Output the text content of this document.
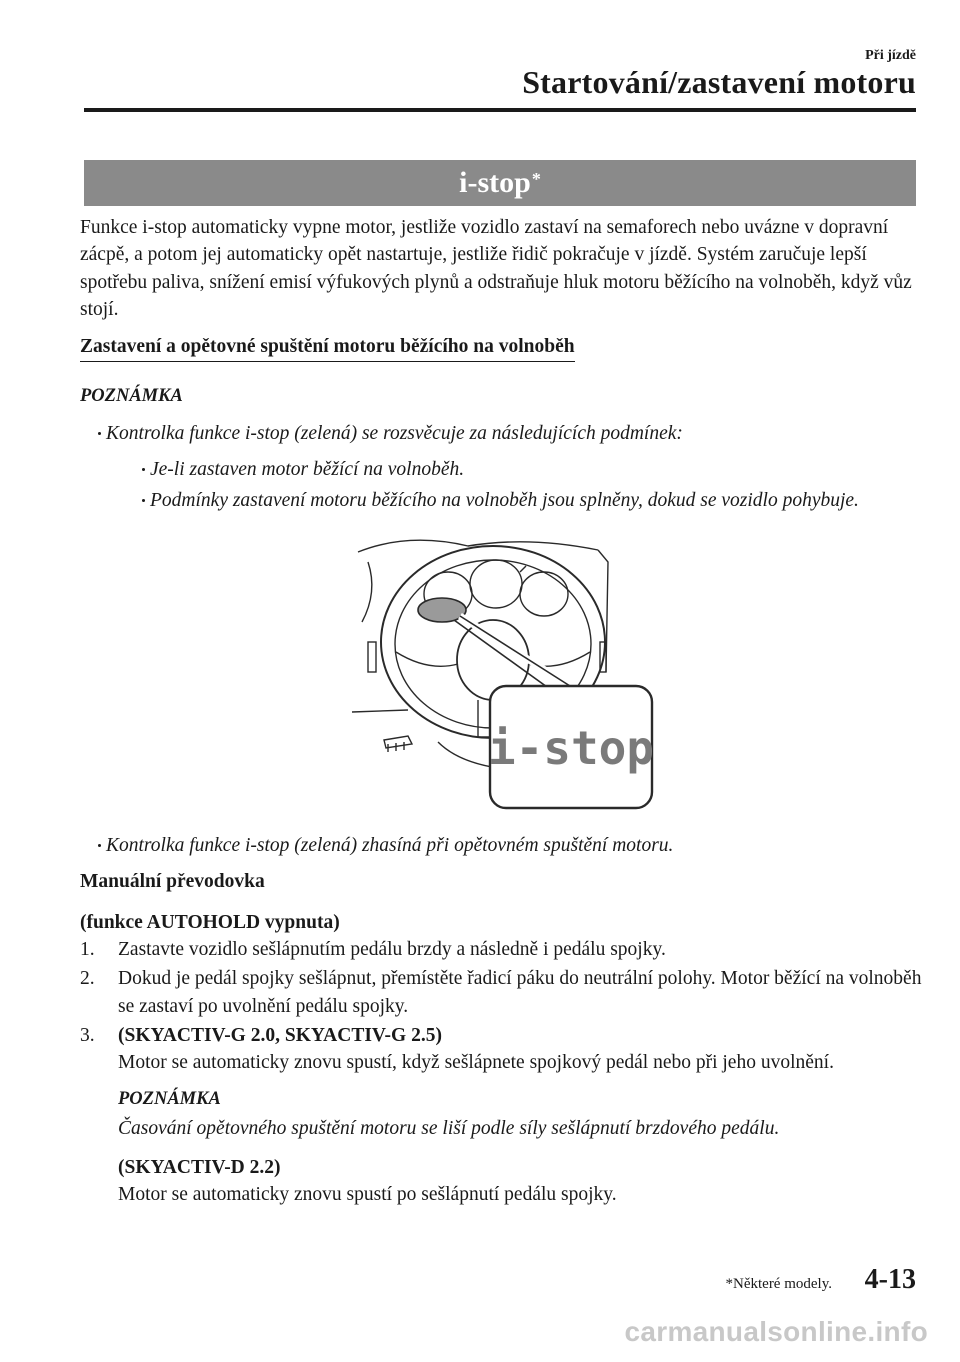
Při jízdě
Startování/zastavení motoru
i-stop*

Funkce i-stop automaticky vypne motor, jestliže vozidlo zastaví na semaforech nebo uvázne v dopravní zácpě, a potom jej automaticky opět nastartuje, jestliže řidič pokračuje v jízdě. Systém zaručuje lepší spotřebu paliva, snížení emisí výfukových plynů a odstraňuje hluk motoru běžícího na volnoběh, když vůz stojí.

Zastavení a opětovné spuštění motoru běžícího na volnoběh

POZNÁMKA

Kontrolka funkce i-stop (zelená) se rozsvěcuje za následujících podmínek:
Je-li zastaven motor běžící na volnoběh.
Podmínky zastavení motoru běžícího na volnoběh jsou splněny, dokud se vozidlo pohybuje.
i-stop
Kontrolka funkce i-stop (zelená) zhasíná při opětovném spuštění motoru.

Manuální převodovka

(funkce AUTOHOLD vypnuta)

1. Zastavte vozidlo sešlápnutím pedálu brzdy a následně i pedálu spojky.
2. Dokud je pedál spojky sešlápnut, přemístěte řadicí páku do neutrální polohy. Motor běžící na volnoběh se zastaví po uvolnění pedálu spojky.
3. (SKYACTIV-G 2.0, SKYACTIV-G 2.5)
Motor se automaticky znovu spustí, když sešlápnete spojkový pedál nebo při jeho uvolnění.

POZNÁMKA

Časování opětovného spuštění motoru se liší podle síly sešlápnutí brzdového pedálu.

(SKYACTIV-D 2.2)
Motor se automaticky znovu spustí po sešlápnutí pedálu spojky.
*Některé modely. 4-13
carmanualsonline.info
